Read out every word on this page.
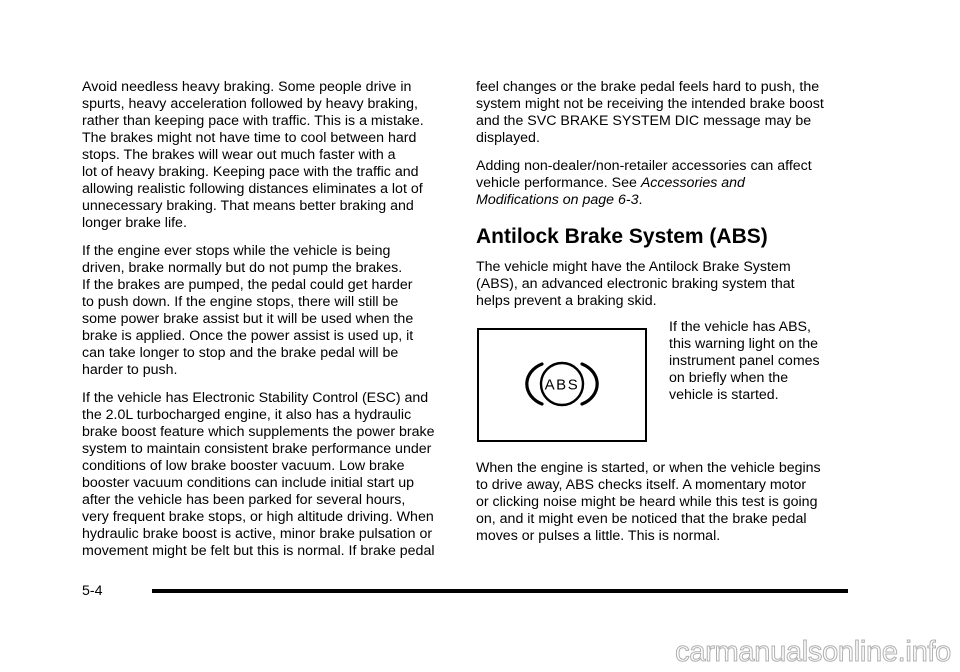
Avoid needless heavy braking. Some people drive in
spurts, heavy acceleration followed by heavy braking,
rather than keeping pace with traffic. This is a mistake.
The brakes might not have time to cool between hard
stops. The brakes will wear out much faster with a
lot of heavy braking. Keeping pace with the traffic and
allowing realistic following distances eliminates a lot of
unnecessary braking. That means better braking and
longer brake life.

If the engine ever stops while the vehicle is being
driven, brake normally but do not pump the brakes.
If the brakes are pumped, the pedal could get harder
to push down. If the engine stops, there will still be
some power brake assist but it will be used when the
brake is applied. Once the power assist is used up, it
can take longer to stop and the brake pedal will be
harder to push.

If the vehicle has Electronic Stability Control (ESC) and
the 2.0L turbocharged engine, it also has a hydraulic
brake boost feature which supplements the power brake
system to maintain consistent brake performance under
conditions of low brake booster vacuum. Low brake
booster vacuum conditions can include initial start up
after the vehicle has been parked for several hours,
very frequent brake stops, or high altitude driving. When
hydraulic brake boost is active, minor brake pulsation or
movement might be felt but this is normal. If brake pedal

feel changes or the brake pedal feels hard to push, the
system might not be receiving the intended brake boost
and the SVC BRAKE SYSTEM DIC message may be
displayed.

Adding non-dealer/non-retailer accessories can affect
vehicle performance. See Accessories and
Modifications on page 6-3.

Antilock Brake System (ABS)

The vehicle might have the Antilock Brake System
(ABS), an advanced electronic braking system that
helps prevent a braking skid.

ABS
If the vehicle has ABS,
this warning light on the
instrument panel comes
on briefly when the
vehicle is started.

When the engine is started, or when the vehicle begins
to drive away, ABS checks itself. A momentary motor
or clicking noise might be heard while this test is going
on, and it might even be noticed that the brake pedal
moves or pulses a little. This is normal.

5-4
carmanualsonline.info
